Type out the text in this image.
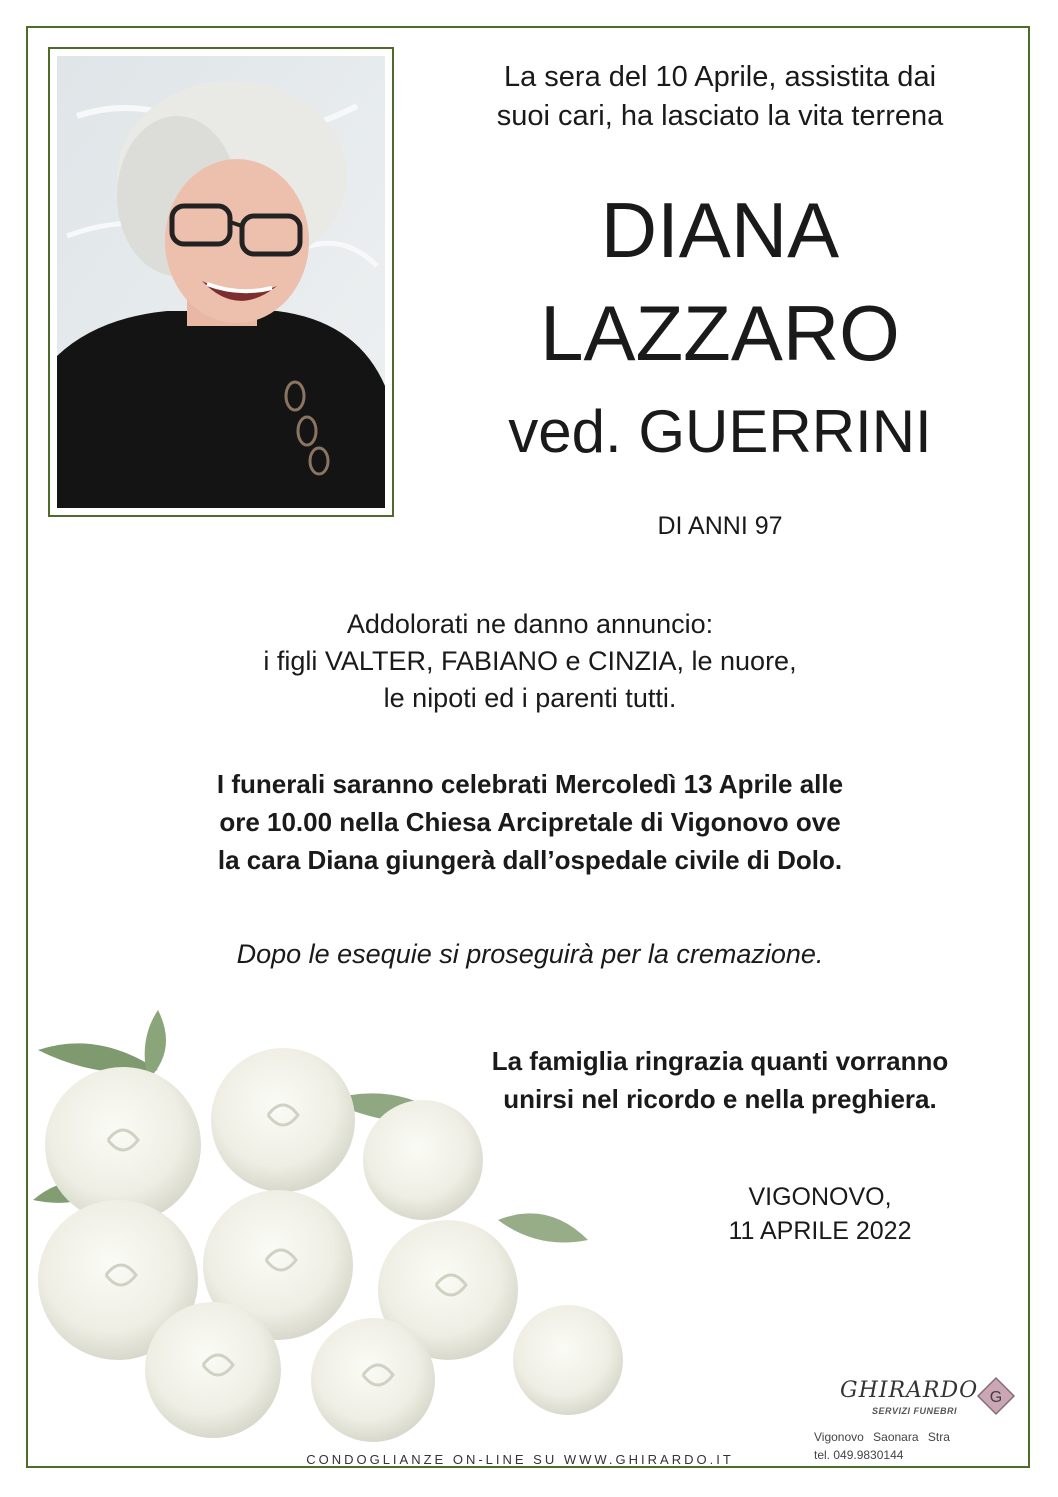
La sera del 10 Aprile, assistita dai
suoi cari, ha lasciato la vita terrena
DIANA
LAZZARO
ved. GUERRINI
DI ANNI 97
Addolorati ne danno annuncio:
i figli VALTER, FABIANO e CINZIA, le nuore,
le nipoti ed i parenti tutti.
I funerali saranno celebrati Mercoledì 13 Aprile alle
ore 10.00 nella Chiesa Arcipretale di Vigonovo ove
la cara Diana giungerà dall’ospedale civile di Dolo.
Dopo le esequie si proseguirà per la cremazione.
La famiglia ringrazia quanti vorranno
unirsi nel ricordo e nella preghiera.
VIGONOVO,
11 APRILE 2022
CONDOGLIANZE ON-LINE SU WWW.GHIRARDO.IT
GHIRARDO
SERVIZI FUNEBRI
G
Vigonovo Saonara Stra
tel. 049.9830144
